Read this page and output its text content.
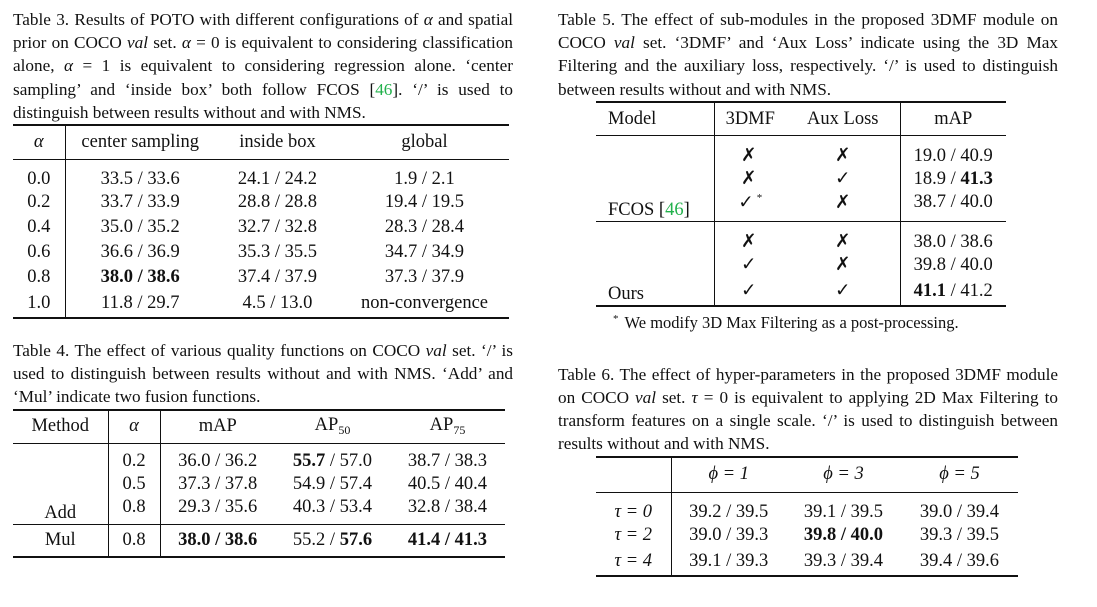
Table 3. Results of POTO with different configurations of α and spatial prior on COCO val set. α = 0 is equivalent to considering classification alone, α = 1 is equivalent to considering regression alone. ‘center sampling’ and ‘inside box’ both follow FCOS [46]. ‘/’ is used to distinguish between results without and with NMS.

α	center sampling	inside box	global
0.0	33.5 / 33.6	24.1 / 24.2	1.9 / 2.1
0.2	33.7 / 33.9	28.8 / 28.8	19.4 / 19.5
0.4	35.0 / 35.2	32.7 / 32.8	28.3 / 28.4
0.6	36.6 / 36.9	35.3 / 35.5	34.7 / 34.9
0.8	38.0 / 38.6	37.4 / 37.9	37.3 / 37.9
1.0	11.8 / 29.7	4.5 / 13.0	non-convergence

Table 4. The effect of various quality functions on COCO val set. ‘/’ is used to distinguish between results without and with NMS. ‘Add’ and ‘Mul’ indicate two fusion functions.

Method	α	mAP	$AP_{50}$	$AP_{75}$
Add	0.2	36.0 / 36.2	55.7 / 57.0	38.7 / 38.3
	0.5	37.3 / 37.8	54.9 / 57.4	40.5 / 40.4
	0.8	29.3 / 35.6	40.3 / 53.4	32.8 / 38.4
Mul	0.8	38.0 / 38.6	55.2 / 57.6	41.4 / 41.3

Table 5. The effect of sub-modules in the proposed 3DMF module on COCO val set. ‘3DMF’ and ‘Aux Loss’ indicate using the 3D Max Filtering and the auxiliary loss, respectively. ‘/’ is used to distinguish between results without and with NMS.

Model	3DMF	Aux Loss	mAP
FCOS [46]	✗	✗	19.0 / 40.9
	✗	✓	18.9 / 41.3
	✓ *	✗	38.7 / 40.0
Ours	✗	✗	38.0 / 38.6
	✓	✗	39.8 / 40.0
	✓	✓	41.1 / 41.2
* We modify 3D Max Filtering as a post-processing.

Table 6. The effect of hyper-parameters in the proposed 3DMF module on COCO val set. τ = 0 is equivalent to applying 2D Max Filtering to transform features on a single scale. ‘/’ is used to distinguish between results without and with NMS.

	ϕ = 1	ϕ = 3	ϕ = 5
τ = 0	39.2 / 39.5	39.1 / 39.5	39.0 / 39.4
τ = 2	39.0 / 39.3	39.8 / 40.0	39.3 / 39.5
τ = 4	39.1 / 39.3	39.3 / 39.4	39.4 / 39.6
